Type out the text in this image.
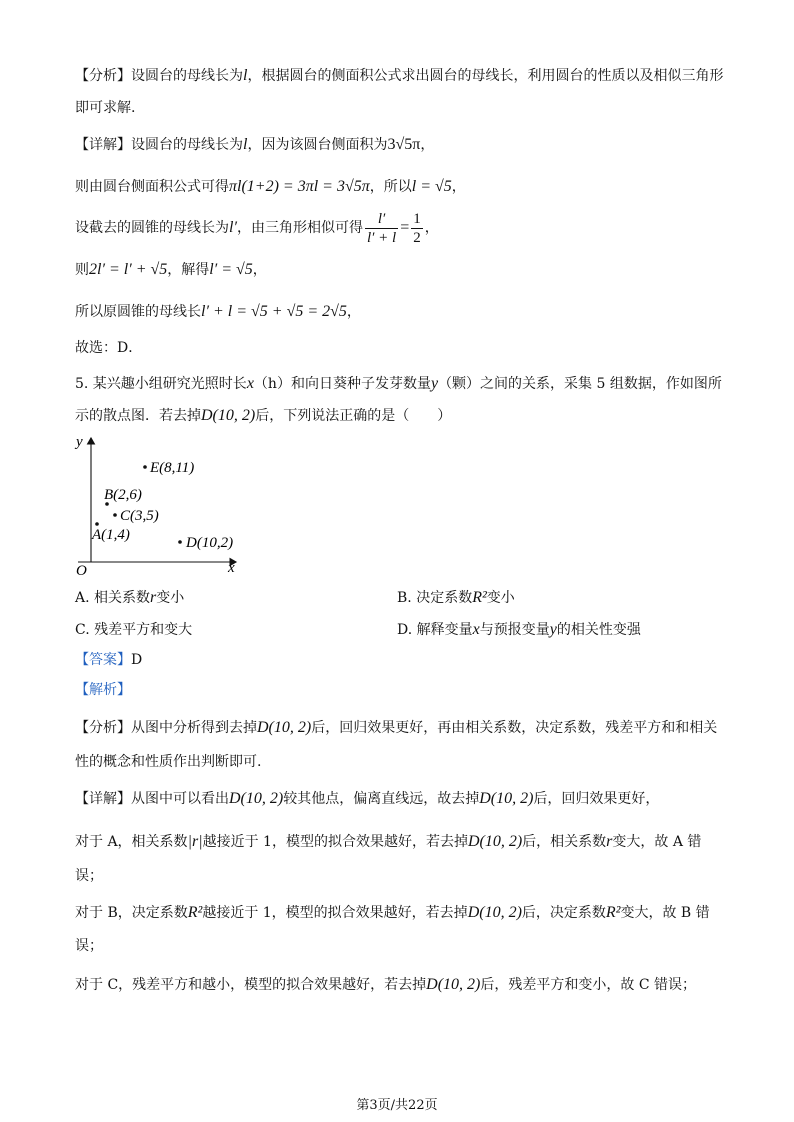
【分析】设圆台的母线长为l，根据圆台的侧面积公式求出圆台的母线长，利用圆台的性质以及相似三角形
即可求解.
【详解】设圆台的母线长为l，因为该圆台侧面积为3√5π，
则由圆台侧面积公式可得πl(1+2) = 3πl = 3√5π，所以l = √5，
设截去的圆锥的母线长为l′，由三角形相似可得 $\frac{l'}{l' + l} = \frac{1}{2}$ ，
则2l′ = l′ + √5，解得l′ = √5，
所以原圆锥的母线长l′ + l = √5 + √5 = 2√5，
故选：D．
5. 某兴趣小组研究光照时长x（h）和向日葵种子发芽数量y（颗）之间的关系，采集 5 组数据，作如图所
示的散点图．若去掉D(10, 2)后，下列说法正确的是（　　）
y
x
O
E(8,11)
B(2,6)
C(3,5)
A(1,4)	D(10,2)
A. 相关系数r变小	B. 决定系数R²变小
C. 残差平方和变大	D. 解释变量x与预报变量y的相关性变强
【答案】D
【解析】
【分析】从图中分析得到去掉D(10, 2)后，回归效果更好，再由相关系数，决定系数，残差平方和和相关
性的概念和性质作出判断即可.
【详解】从图中可以看出D(10, 2)较其他点，偏离直线远，故去掉D(10, 2)后，回归效果更好，
对于 A，相关系数|r|越接近于 1，模型的拟合效果越好，若去掉D(10, 2)后，相关系数r变大，故 A 错
误；
对于 B，决定系数R²越接近于 1，模型的拟合效果越好，若去掉D(10, 2)后，决定系数R²变大，故 B 错
误；
对于 C，残差平方和越小，模型的拟合效果越好，若去掉D(10, 2)后，残差平方和变小，故 C 错误；
第3页/共22页
